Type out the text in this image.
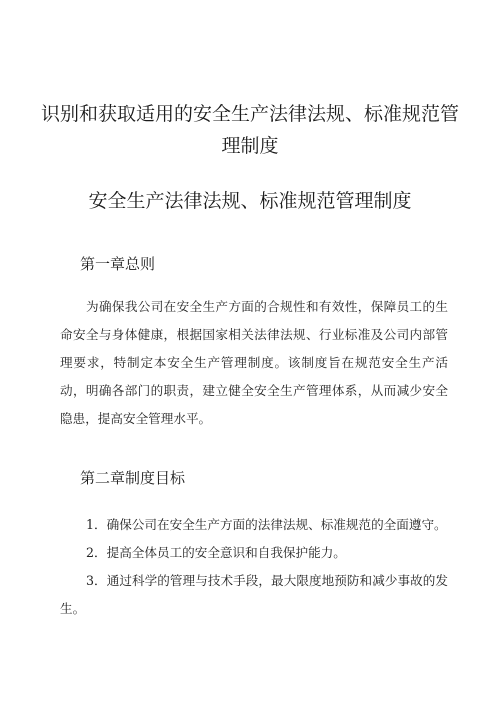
识别和获取适用的安全生产法律法规、标准规范管理制度
安全生产法律法规、标准规范管理制度
第一章总则

为确保我公司在安全生产方面的合规性和有效性，保障员工的生命安全与身体健康，根据国家相关法律法规、行业标准及公司内部管理要求，特制定本安全生产管理制度。该制度旨在规范安全生产活动，明确各部门的职责，建立健全安全生产管理体系，从而减少安全隐患，提高安全管理水平。

第二章制度目标

1．确保公司在安全生产方面的法律法规、标准规范的全面遵守。

2．提高全体员工的安全意识和自我保护能力。

3．通过科学的管理与技术手段，最大限度地预防和减少事故的发生。
